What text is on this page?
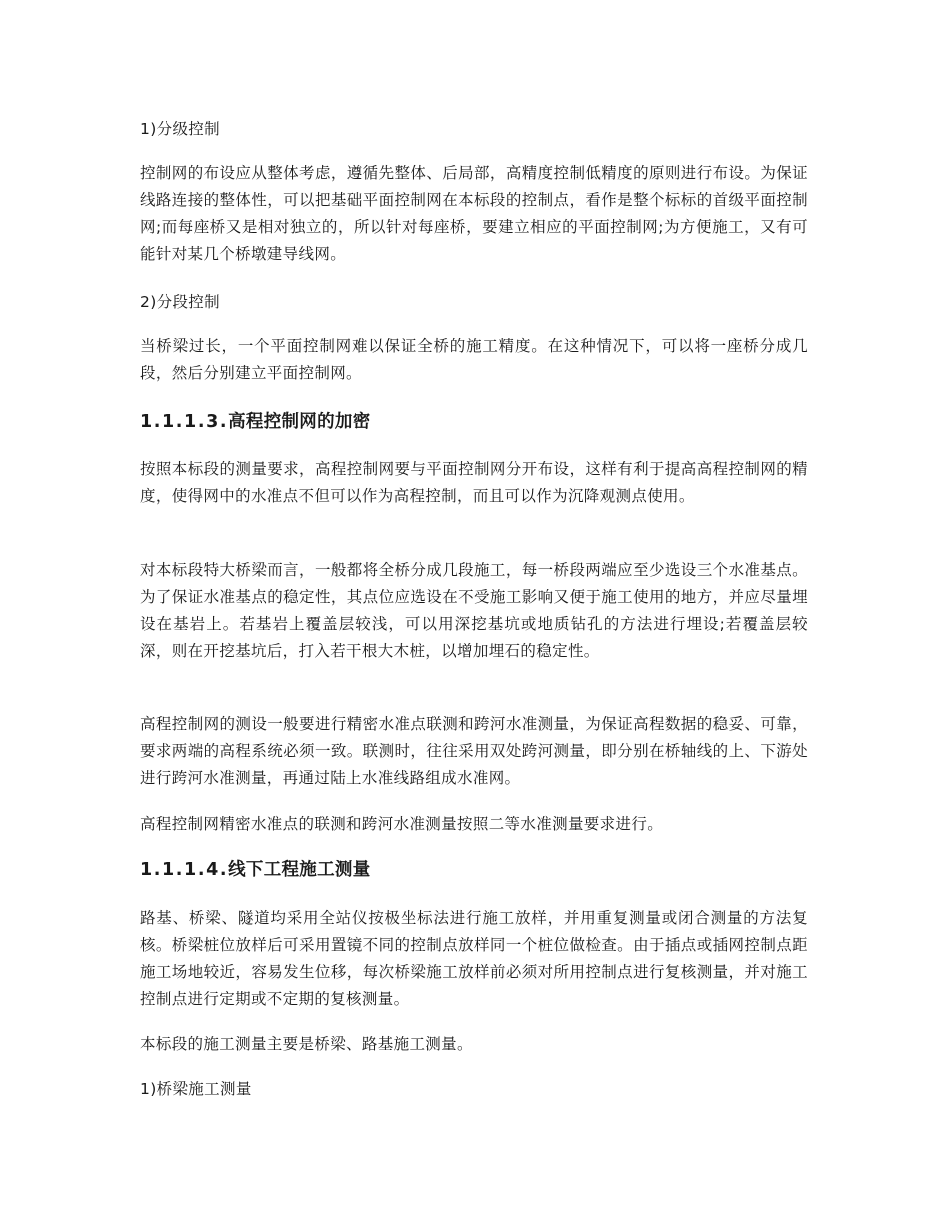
1)分级控制

控制网的布设应从整体考虑，遵循先整体、后局部，高精度控制低精度的原则进行布设。为保证线路连接的整体性，可以把基础平面控制网在本标段的控制点，看作是整个标标的首级平面控制网;而每座桥又是相对独立的，所以针对每座桥，要建立相应的平面控制网;为方便施工，又有可能针对某几个桥墩建导线网。

2)分段控制

当桥梁过长，一个平面控制网难以保证全桥的施工精度。在这种情况下，可以将一座桥分成几段，然后分别建立平面控制网。

1.1.1.3.高程控制网的加密

按照本标段的测量要求，高程控制网要与平面控制网分开布设，这样有利于提高高程控制网的精度，使得网中的水准点不但可以作为高程控制，而且可以作为沉降观测点使用。

对本标段特大桥梁而言，一般都将全桥分成几段施工，每一桥段两端应至少选设三个水准基点。为了保证水准基点的稳定性，其点位应选设在不受施工影响又便于施工使用的地方，并应尽量埋设在基岩上。若基岩上覆盖层较浅，可以用深挖基坑或地质钻孔的方法进行埋设;若覆盖层较深，则在开挖基坑后，打入若干根大木桩，以增加埋石的稳定性。

高程控制网的测设一般要进行精密水准点联测和跨河水准测量，为保证高程数据的稳妥、可靠，要求两端的高程系统必须一致。联测时，往往采用双处跨河测量，即分别在桥轴线的上、下游处进行跨河水准测量，再通过陆上水准线路组成水准网。

高程控制网精密水准点的联测和跨河水准测量按照二等水准测量要求进行。

1.1.1.4.线下工程施工测量

路基、桥梁、隧道均采用全站仪按极坐标法进行施工放样，并用重复测量或闭合测量的方法复核。桥梁桩位放样后可采用置镜不同的控制点放样同一个桩位做检查。由于插点或插网控制点距施工场地较近，容易发生位移，每次桥梁施工放样前必须对所用控制点进行复核测量，并对施工控制点进行定期或不定期的复核测量。

本标段的施工测量主要是桥梁、路基施工测量。

1)桥梁施工测量
